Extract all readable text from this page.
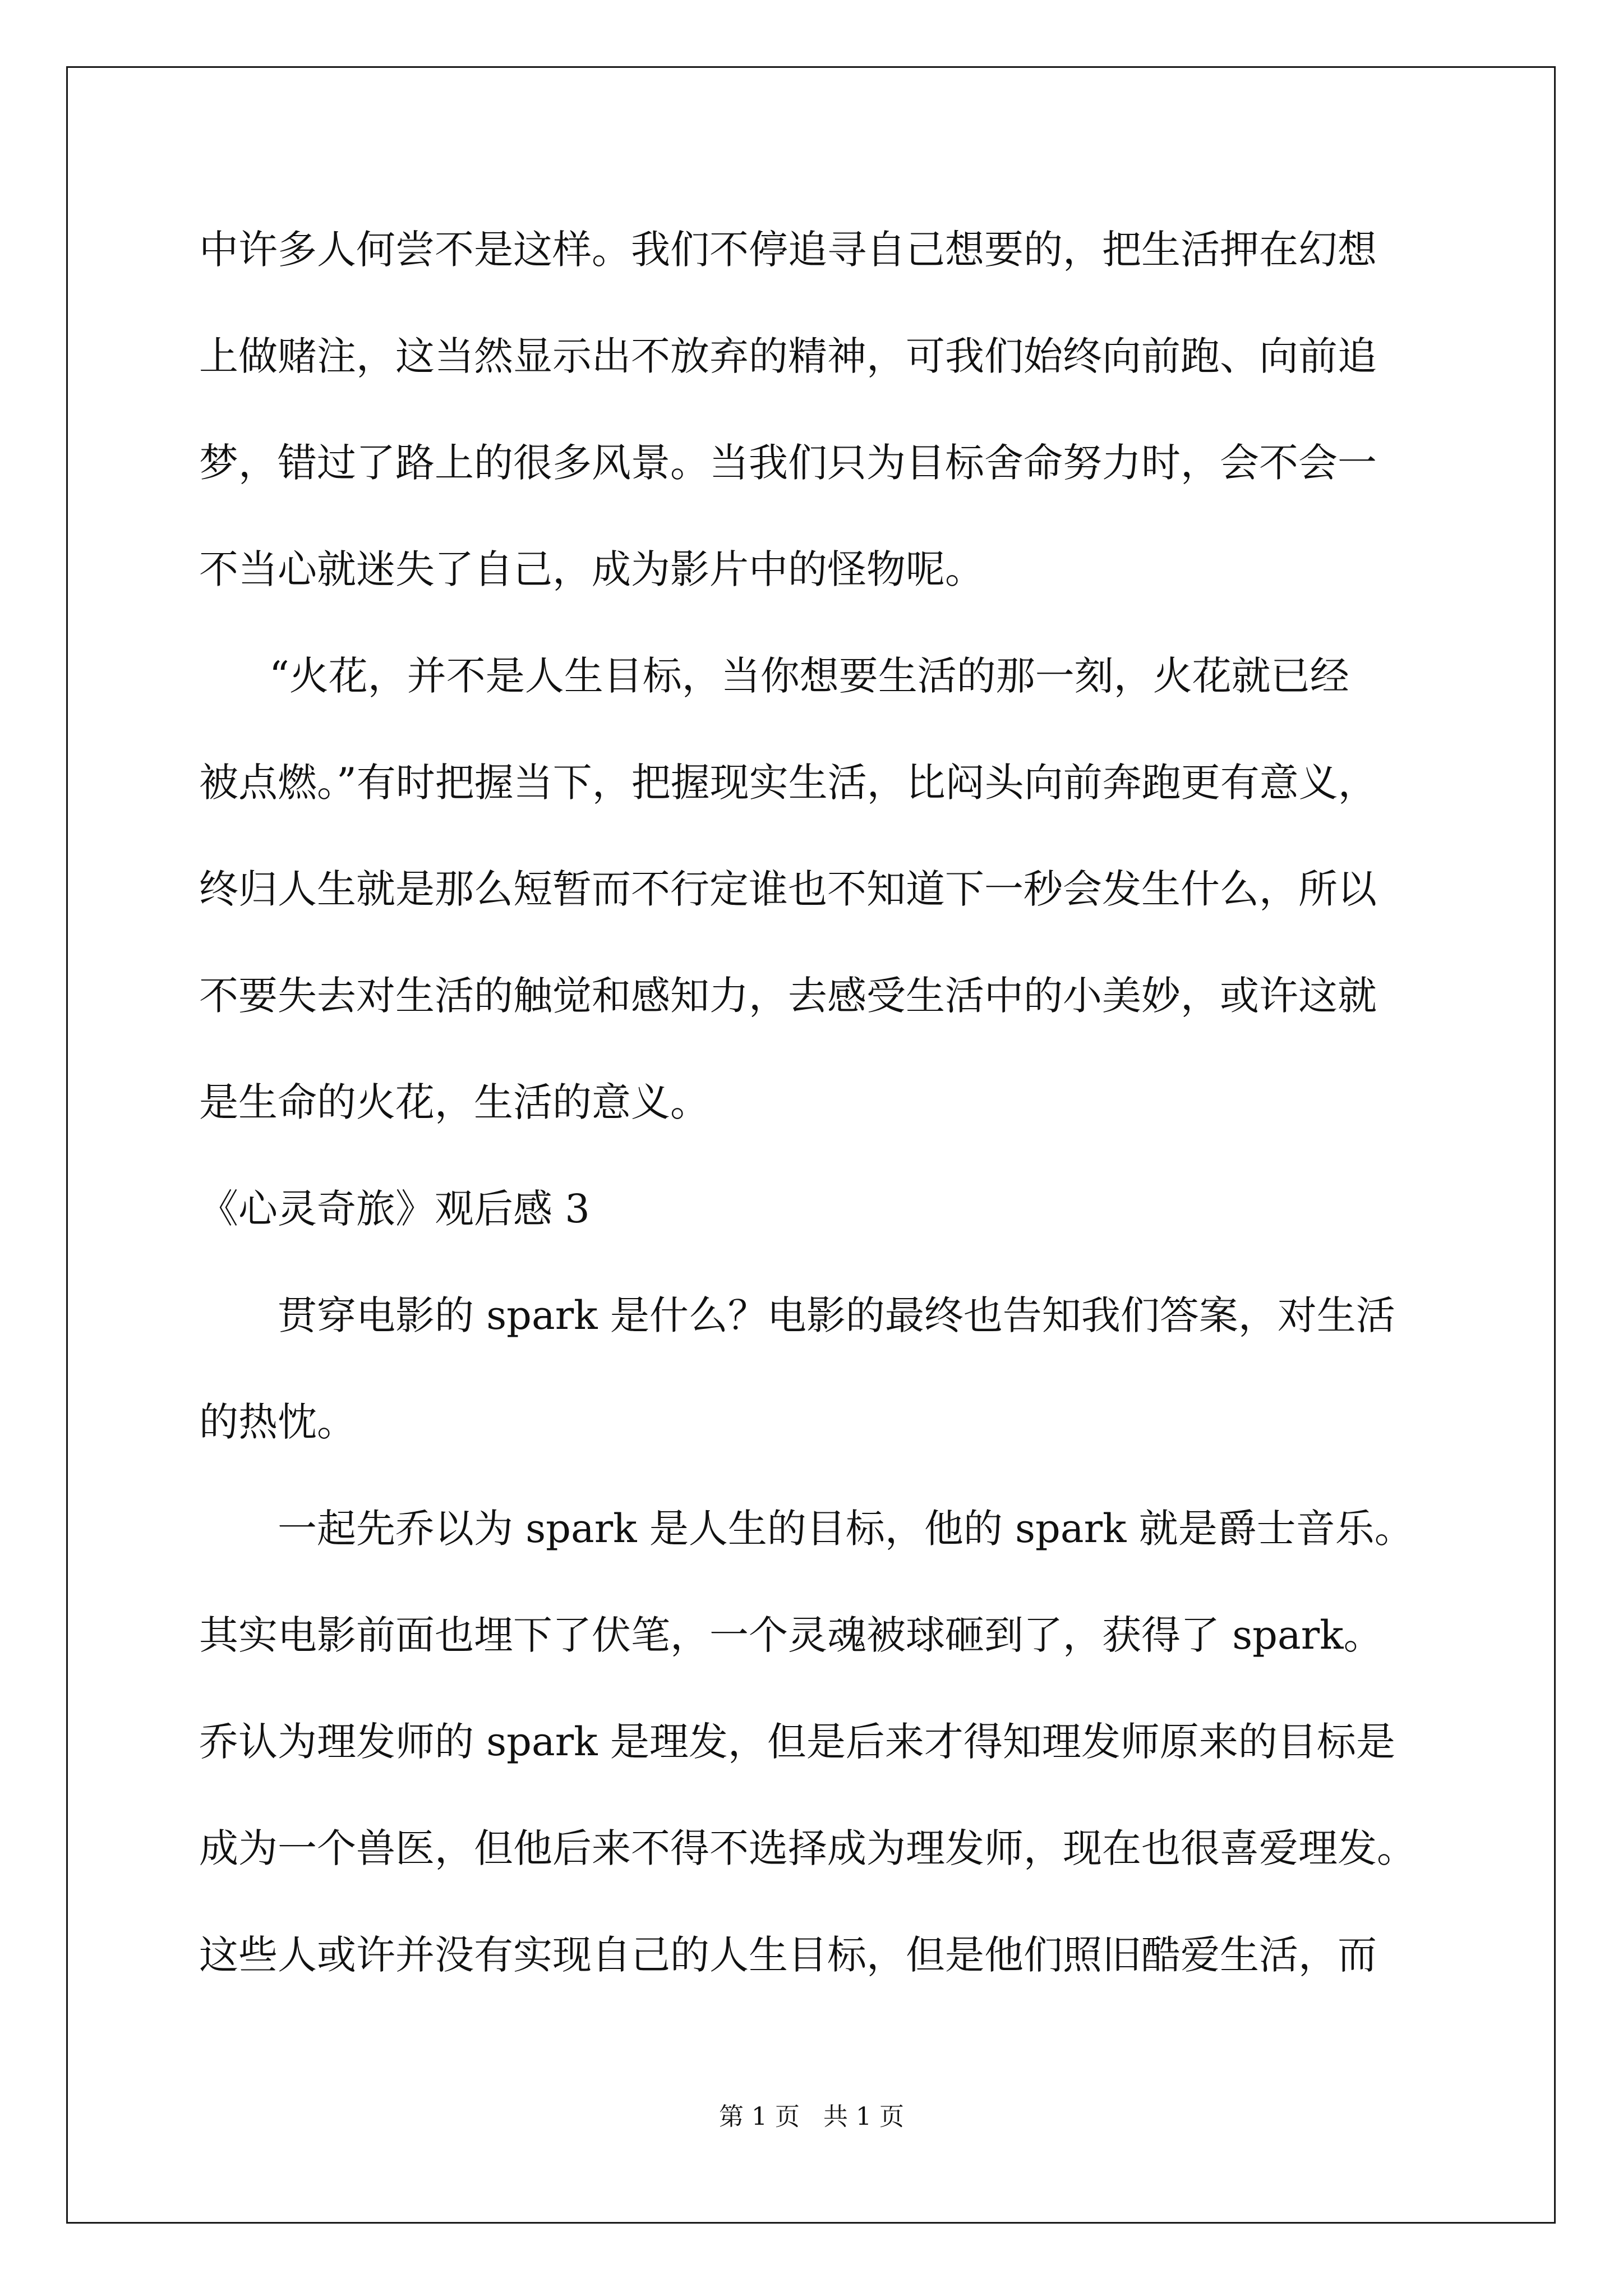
中许多人何尝不是这样。我们不停追寻自己想要的，把生活押在幻想

上做赌注，这当然显示出不放弃的精神，可我们始终向前跑、向前追

梦，错过了路上的很多风景。当我们只为目标舍命努力时，会不会一

不当心就迷失了自己，成为影片中的怪物呢。

“火花，并不是人生目标，当你想要生活的那一刻，火花就已经

被点燃。”有时把握当下，把握现实生活，比闷头向前奔跑更有意义，

终归人生就是那么短暂而不行定谁也不知道下一秒会发生什么，所以

不要失去对生活的触觉和感知力，去感受生活中的小美妙，或许这就

是生命的火花，生活的意义。

《心灵奇旅》观后感 3

贯穿电影的 spark 是什么？电影的最终也告知我们答案，对生活

的热忱。

一起先乔以为 spark 是人生的目标，他的 spark 就是爵士音乐。

其实电影前面也埋下了伏笔，一个灵魂被球砸到了，获得了 spark。

乔认为理发师的 spark 是理发，但是后来才得知理发师原来的目标是

成为一个兽医，但他后来不得不选择成为理发师，现在也很喜爱理发。

这些人或许并没有实现自己的人生目标，但是他们照旧酷爱生活，而

第 1 页   共 1 页
